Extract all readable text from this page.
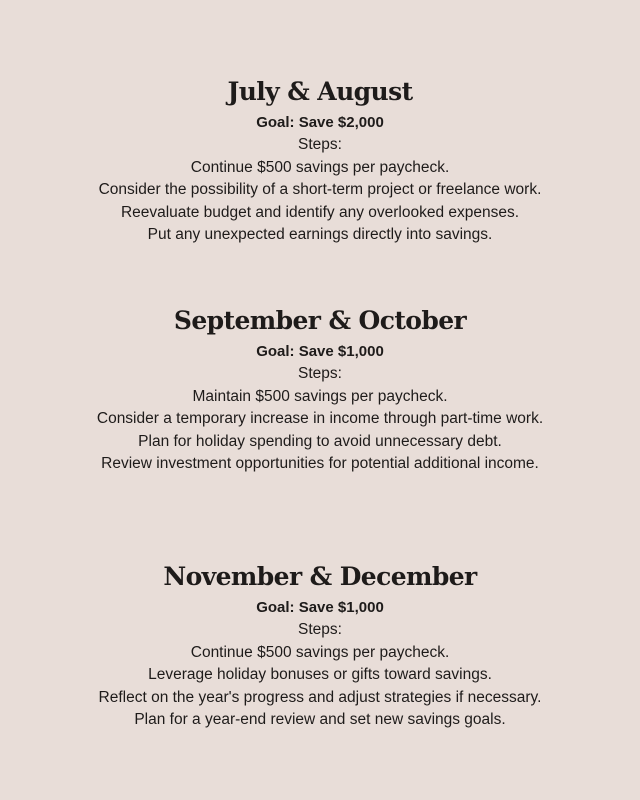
July & August
Goal: Save $2,000
Steps:
Continue $500 savings per paycheck.
Consider the possibility of a short-term project or freelance work.
Reevaluate budget and identify any overlooked expenses.
Put any unexpected earnings directly into savings.
September & October
Goal: Save $1,000
Steps:
Maintain $500 savings per paycheck.
Consider a temporary increase in income through part-time work.
Plan for holiday spending to avoid unnecessary debt.
Review investment opportunities for potential additional income.
November & December
Goal: Save $1,000
Steps:
Continue $500 savings per paycheck.
Leverage holiday bonuses or gifts toward savings.
Reflect on the year's progress and adjust strategies if necessary.
Plan for a year-end review and set new savings goals.
